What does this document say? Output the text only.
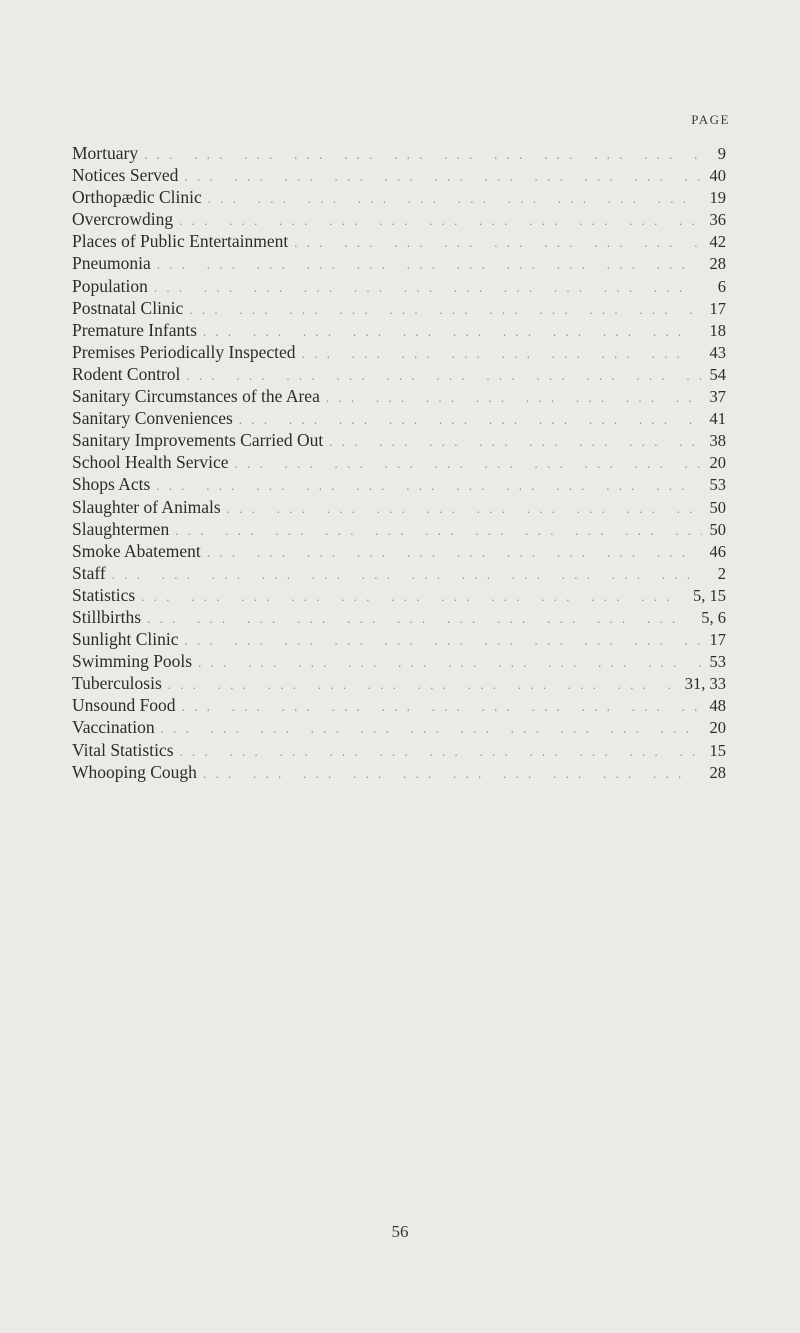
PAGE
Mortuary . . .	9
Notices Served . . .	40
Orthopædic Clinic . . .	19
Overcrowding . . .	36
Places of Public Entertainment . . .	42
Pneumonia . . .	28
Population . . .	6
Postnatal Clinic . . .	17
Premature Infants . . .	18
Premises Periodically Inspected . . .	43
Rodent Control . . .	54
Sanitary Circumstances of the Area . . .	37
Sanitary Conveniences . . .	41
Sanitary Improvements Carried Out . . .	38
School Health Service . . .	20
Shops Acts . . .	53
Slaughter of Animals . . .	50
Slaughtermen . . .	50
Smoke Abatement . . .	46
Staff . . .	2
Statistics . . .	5, 15
Stillbirths . . .	5, 6
Sunlight Clinic . . .	17
Swimming Pools . . .	53
Tuberculosis . . .	31, 33
Unsound Food . . .	48
Vaccination . . .	20
Vital Statistics . . .	15
Whooping Cough . . .	28
56
